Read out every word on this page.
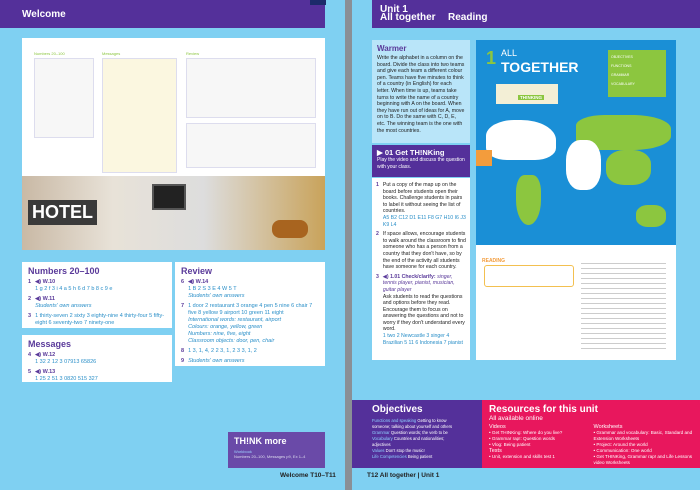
Welcome
Numbers 20–100	Messages	Review
HOTEL
Numbers 20–100
1 ◀) W.10
1 g 2 f 3 i 4 a 5 h 6 d 7 b 8 c 9 e
2 ◀) W.11
Students' own answers
3 1 thirty-seven 2 sixty 3 eighty-nine 4 thirty-four 5 fifty-eight 6 seventy-two 7 ninety-one
Messages
4 ◀) W.12
1 32 2 12 3 07913 65826
5 ◀) W.13
1 25 2 51 3 0820 515 327
Review
6 ◀) W.14
1 B 2 S 3 E 4 W 5 T
Students' own answers
7 1 door 2 restaurant 3 orange 4 pen 5 nine 6 chair 7 five 8 yellow 9 airport 10 green 11 eight
International words: restaurant, airport
Colours: orange, yellow, green
Numbers: nine, five, eight
Classroom objects: door, pen, chair
8 1 3, 1, 4, 2 2 3, 1, 2 3 3, 1, 2
9 Students' own answers
TH!NK more
Workbook
Numbers 20–100, Messages p9, Ex 1–4
Welcome T10–T11
Unit 1
All together	Reading
Warmer
Write the alphabet in a column on the board. Divide the class into two teams and give each team a different colour pen. Teams have five minutes to think of a country (in English) for each letter. When time is up, teams take turns to write the name of a country beginning with A on the board. When they have run out of ideas for A, move on to B. Do the same with C, D, E, etc. The winning team is the one with the most countries.
▶ 01 Get TH!NKing
Play the video and discuss the question with your class.
1 Put a copy of the map up on the board before students open their books. Challenge students in pairs to label it without seeing the list of countries.
A5 B2 C12 D1 E11 F8 G7 H10 I6 J3 K9 L4
2 If space allows, encourage students to walk around the classroom to find someone who has a person from a country that they don't have, so by the end of the activity all students have someone for each country.
3 ◀) 1.01 Check/clarify: singer, tennis player, pianist, musician, guitar player
Ask students to read the questions and options before they read. Encourage them to focus on answering the questions and not to worry if they don't understand every word.
1 two 2 Newcastle 3 singer 4 Brazilian 5 11 6 Indonesia 7 pianist
1 ALL
TOGETHER
OBJECTIVES
FUNCTIONS
GRAMMAR
VOCABULARY
TH!NKING
READING
Objectives
Functions and speaking Getting to know someone; talking about yourself and others
Grammar Question words; the verb to be
Vocabulary Countries and nationalities; adjectives
Values Don't stop the music!
Life Competencies Being patient
Resources for this unit
All available online
Videos
• Get THINKing: Where do you live?
• Grammar rap!: Question words
• Vlog: Being patient
Tests
• Unit, extension and skills test 1
Worksheets
• Grammar and vocabulary: Basic, Standard and Extension Worksheets
• Project: Around the world
• Communication: One world
• Get THINKing, Grammar rap! and Life Lessons video Worksheets
T12 All together | Unit 1
